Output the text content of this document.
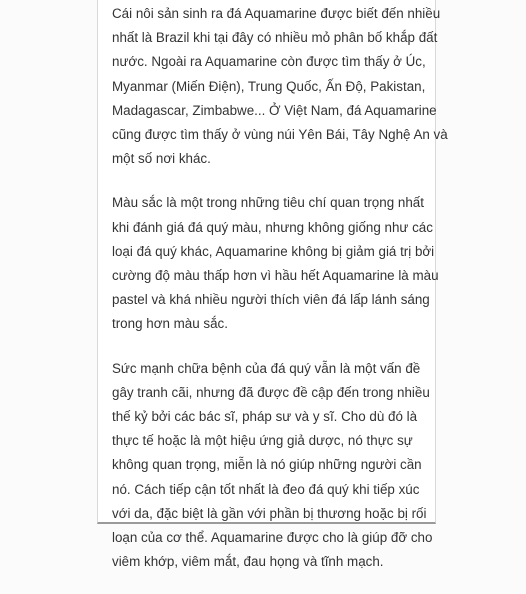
Cái nôi sản sinh ra đá Aquamarine được biết đến nhiều
nhất là Brazil khi tại đây có nhiều mỏ phân bố khắp đất
nước. Ngoài ra Aquamarine còn được tìm thấy ở Úc,
Myanmar (Miến Điện), Trung Quốc, Ấn Độ, Pakistan,
Madagascar, Zimbabwe... Ở Việt Nam, đá Aquamarine
cũng được tìm thấy ở vùng núi Yên Bái, Tây Nghệ An và
một số nơi khác.

Màu sắc là một trong những tiêu chí quan trọng nhất
khi đánh giá đá quý màu, nhưng không giống như các
loại đá quý khác, Aquamarine không bị giảm giá trị bởi
cường độ màu thấp hơn vì hầu hết Aquamarine là màu
pastel và khá nhiều người thích viên đá lấp lánh sáng
trong hơn màu sắc.

Sức mạnh chữa bệnh của đá quý vẫn là một vấn đề
gây tranh cãi, nhưng đã được đề cập đến trong nhiều
thế kỷ bởi các bác sĩ, pháp sư và y sĩ. Cho dù đó là
thực tế hoặc là một hiệu ứng giả dược, nó thực sự
không quan trọng, miễn là nó giúp những người cần
nó. Cách tiếp cận tốt nhất là đeo đá quý khi tiếp xúc
với da, đặc biệt là gần với phần bị thương hoặc bị rối
loạn của cơ thể. Aquamarine được cho là giúp đỡ cho
viêm khớp, viêm mắt, đau họng và tĩnh mạch.
